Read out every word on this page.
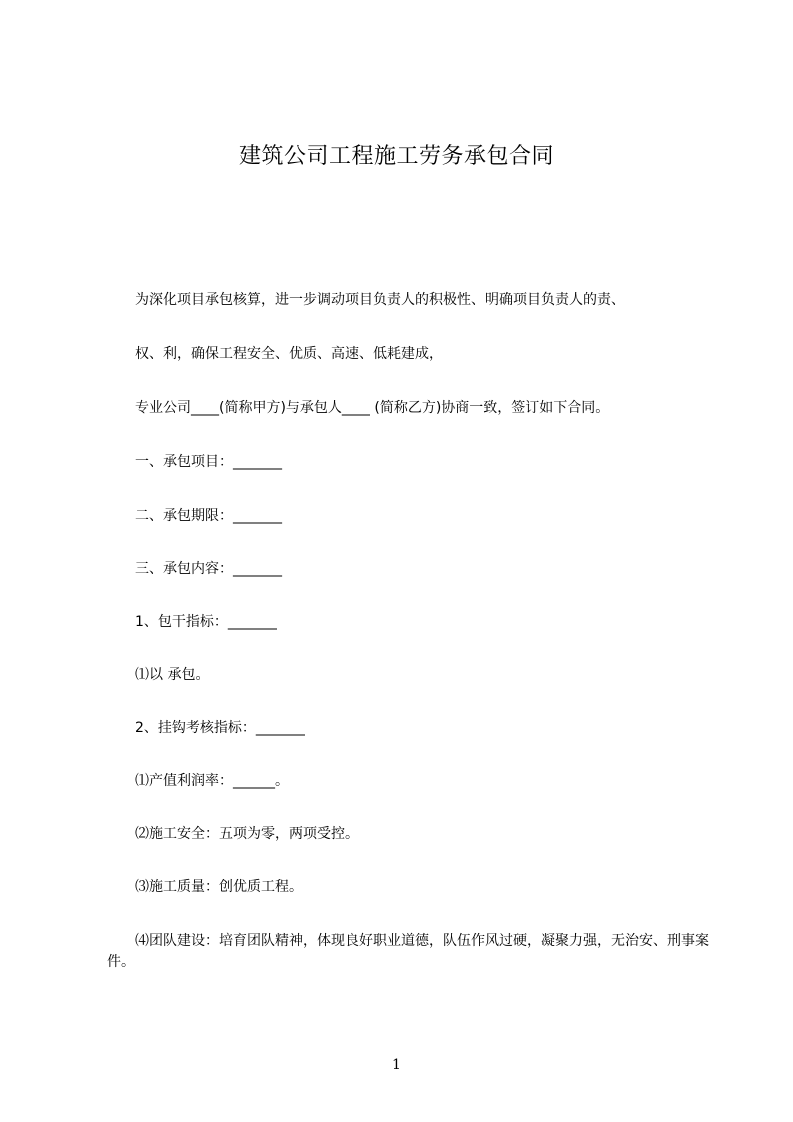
建筑公司工程施工劳务承包合同
为深化项目承包核算，进一步调动项目负责人的积极性、明确项目负责人的责、
权、利，确保工程安全、优质、高速、低耗建成，
专业公司____(简称甲方)与承包人____ (简称乙方)协商一致，签订如下合同。
一、承包项目：_______
二、承包期限：_______
三、承包内容：_______
1、包干指标：_______
⑴以 承包。
2、挂钩考核指标：_______
⑴产值利润率：______。
⑵施工安全：五项为零，两项受控。
⑶施工质量：创优质工程。
⑷团队建设：培育团队精神，体现良好职业道德，队伍作风过硬，凝聚力强，无治安、刑事案件。
1
